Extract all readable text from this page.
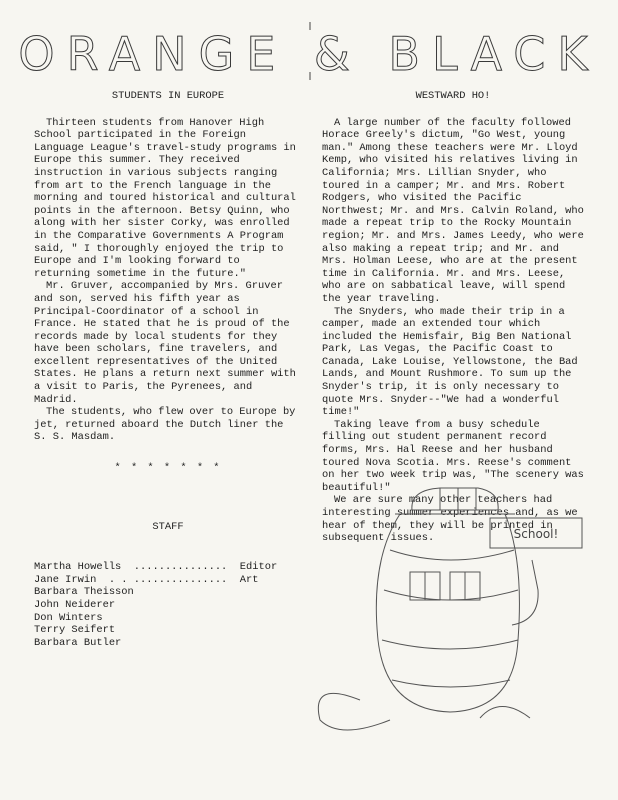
ORANGE & BLACK
STUDENTS IN EUROPE

Thirteen students from Hanover High School participated in the Foreign Language League's travel-study programs in Europe this summer. They received instruction in various subjects ranging from art to the French language in the morning and toured historical and cultural points in the afternoon. Betsy Quinn, who along with her sister Corky, was enrolled in the Comparative Governments A Program said, " I thoroughly enjoyed the trip to Europe and I'm looking forward to returning sometime in the future."

Mr. Gruver, accompanied by Mrs. Gruver and son, served his fifth year as Principal-Coordinator of a school in France. He stated that he is proud of the records made by local students for they have been scholars, fine travelers, and excellent representatives of the United States. He plans a return next summer with a visit to Paris, the Pyrenees, and Madrid.

The students, who flew over to Europe by jet, returned aboard the Dutch liner the S. S. Masdam.

* * * * * * *
STAFF

Martha Howells  ...............  Editor

Jane Irwin  . . ...............  Art

Barbara Theisson

John Neiderer

Don Winters

Terry Seifert

Barbara Butler

WESTWARD HO!

A large number of the faculty followed Horace Greely's dictum, "Go West, young man." Among these teachers were Mr. Lloyd Kemp, who visited his relatives living in California; Mrs. Lillian Snyder, who toured in a camper; Mr. and Mrs. Robert Rodgers, who visited the Pacific Northwest; Mr. and Mrs. Calvin Roland, who made a repeat trip to the Rocky Mountain region; Mr. and Mrs. James Leedy, who were also making a repeat trip; and Mr. and Mrs. Holman Leese, who are at the present time in California. Mr. and Mrs. Leese, who are on sabbatical leave, will spend the year traveling.

The Snyders, who made their trip in a camper, made an extended tour which included the Hemisfair, Big Ben National Park, Las Vegas, the Pacific Coast to Canada, Lake Louise, Yellowstone, the Bad Lands, and Mount Rushmore. To sum up the Snyder's trip, it is only necessary to quote Mrs. Snyder--"We had a wonderful time!"

Taking leave from a busy schedule filling out student permanent record forms, Mrs. Hal Reese and her husband toured Nova Scotia. Mrs. Reese's comment on her two week trip was, "The scenery was beautiful!"

We are sure many other teachers had interesting summer experiences and, as we hear of them, they will be printed in subsequent issues.	School!
